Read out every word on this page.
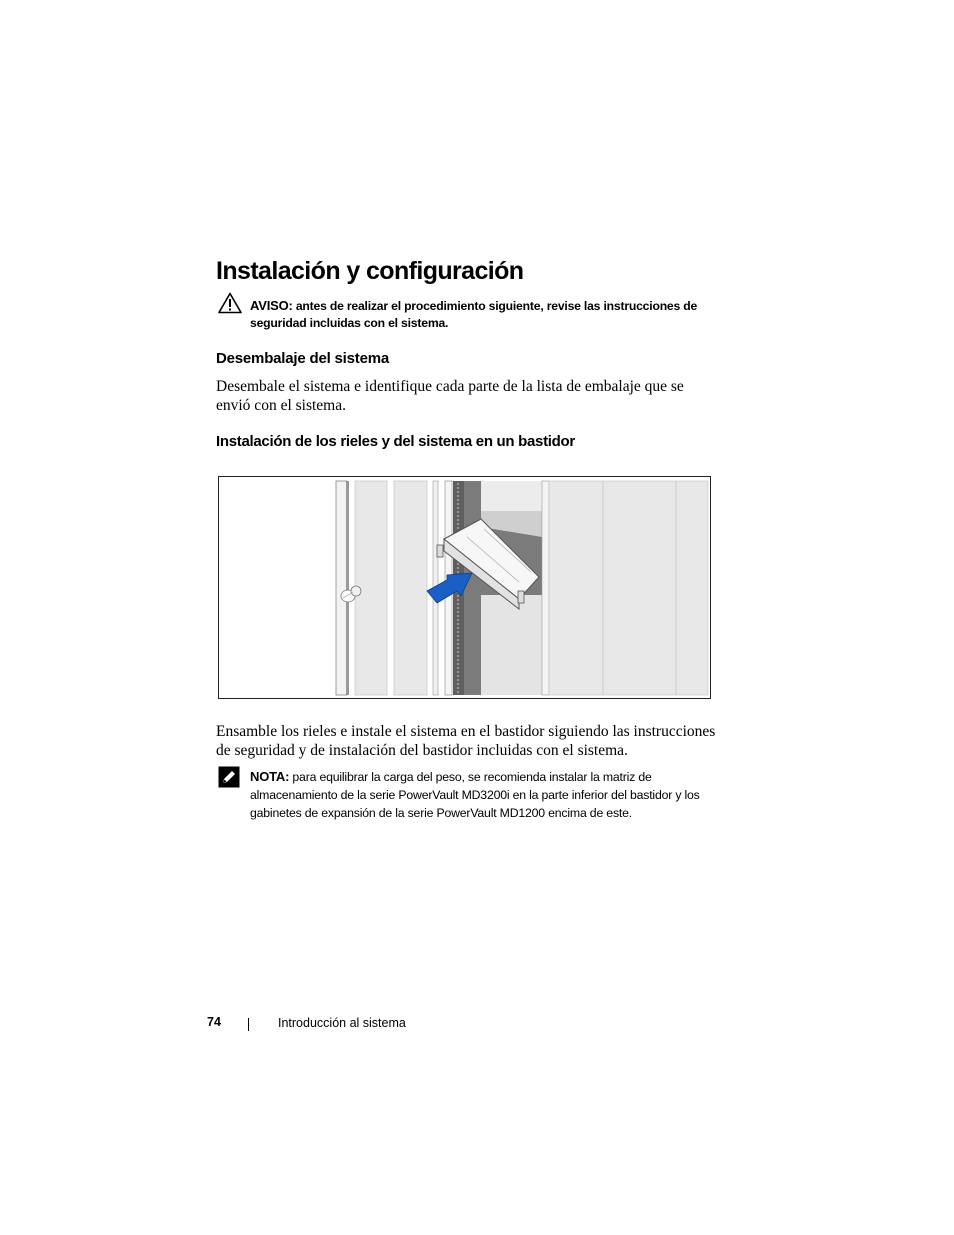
Instalación y configuración
AVISO: antes de realizar el procedimiento siguiente, revise las instrucciones de seguridad incluidas con el sistema.
Desembalaje del sistema
Desembale el sistema e identifique cada parte de la lista de embalaje que se envió con el sistema.
Instalación de los rieles y del sistema en un bastidor
Ensamble los rieles e instale el sistema en el bastidor siguiendo las instrucciones de seguridad y de instalación del bastidor incluidas con el sistema.
NOTA: para equilibrar la carga del peso, se recomienda instalar la matriz de almacenamiento de la serie PowerVault MD3200i en la parte inferior del bastidor y los gabinetes de expansión de la serie PowerVault MD1200 encima de este.
74	Introducción al sistema
